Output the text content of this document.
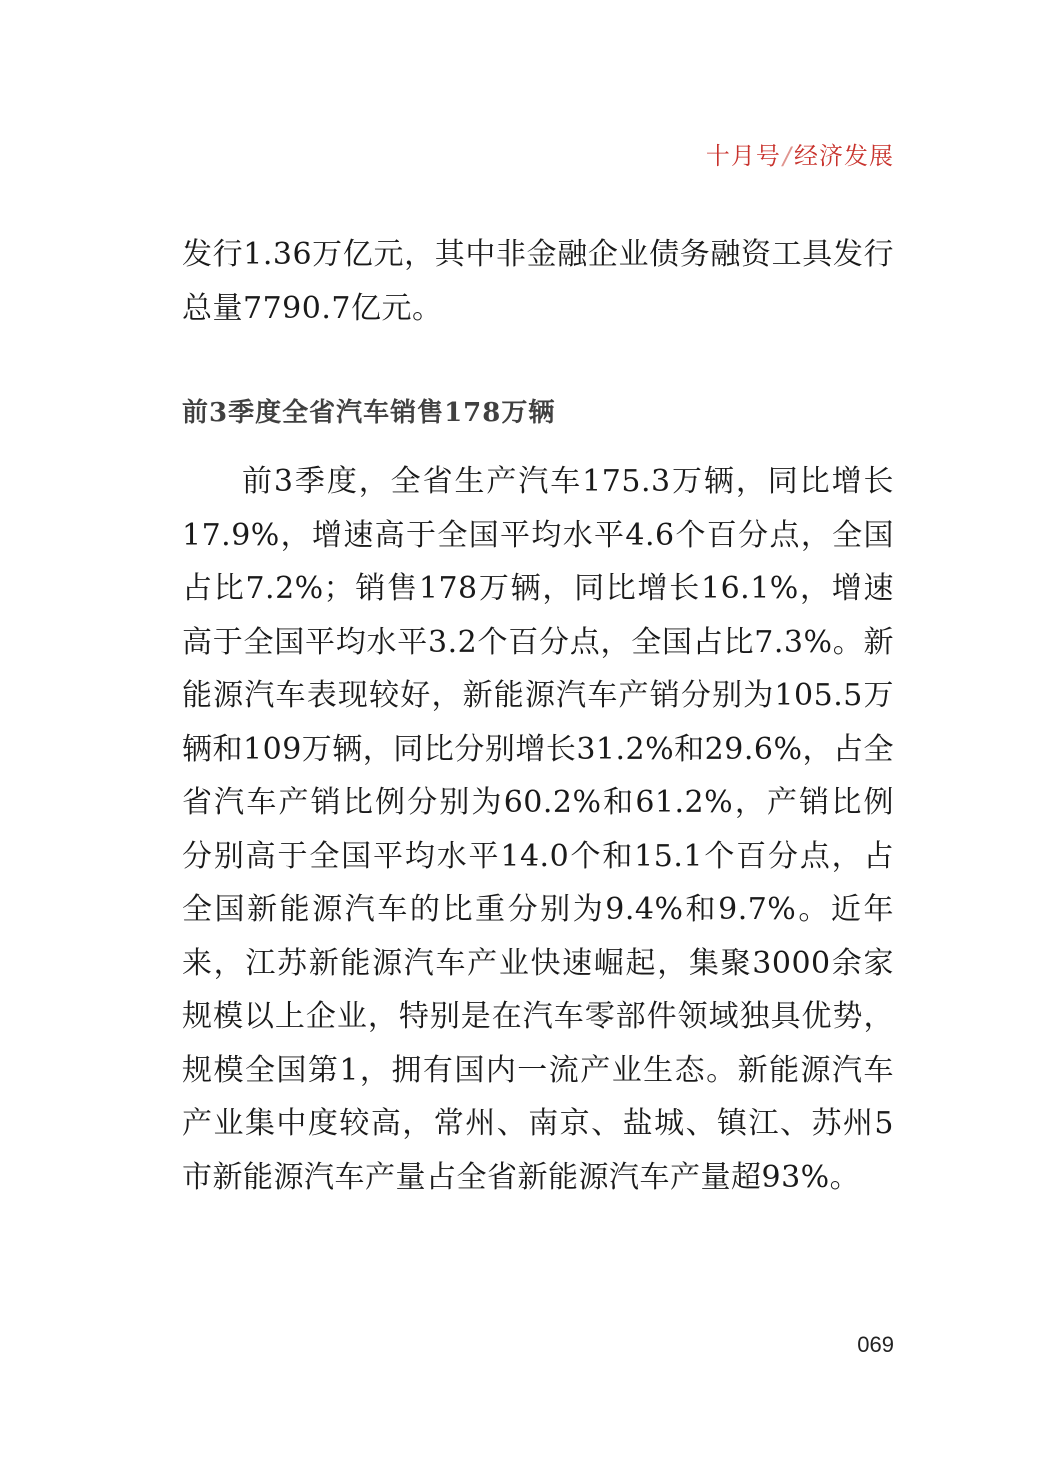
十月号/经济发展

发行1.36万亿元，其中非金融企业债务融资工具发行总量7790.7亿元。

前3季度全省汽车销售178万辆

前3季度，全省生产汽车175.3万辆，同比增长17.9%，增速高于全国平均水平4.6个百分点，全国占比7.2%；销售178万辆，同比增长16.1%，增速高于全国平均水平3.2个百分点，全国占比7.3%。新能源汽车表现较好，新能源汽车产销分别为105.5万辆和109万辆，同比分别增长31.2%和29.6%，占全省汽车产销比例分别为60.2%和61.2%，产销比例分别高于全国平均水平14.0个和15.1个百分点，占全国新能源汽车的比重分别为9.4%和9.7%。近年来，江苏新能源汽车产业快速崛起，集聚3000余家规模以上企业，特别是在汽车零部件领域独具优势，规模全国第1，拥有国内一流产业生态。新能源汽车产业集中度较高，常州、南京、盐城、镇江、苏州5市新能源汽车产量占全省新能源汽车产量超93%。

069
